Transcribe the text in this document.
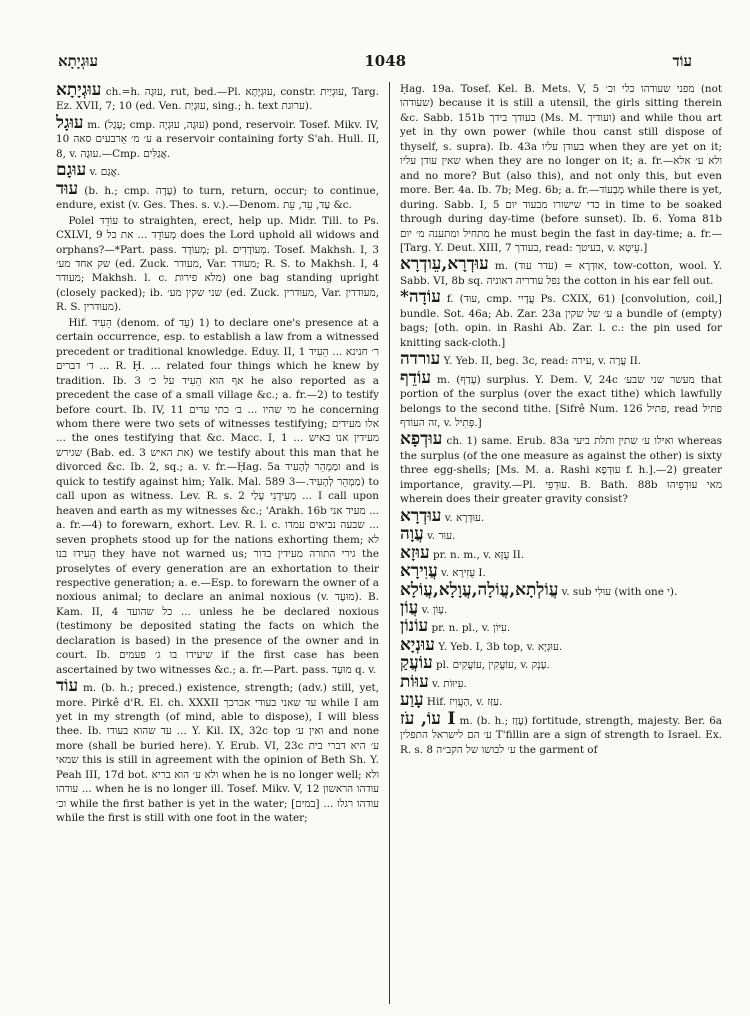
עוּגְיָתָא	1048	עוֹד

עוּגְיָתָא ch.=h. עוּגָה, rut, bed.—Pl. עוּגְיָתָא, constr. עוּגְיַית, Targ. Ez. XVII, 7; 10 (ed. Ven. עוּגְיַת, sing.; h. text ערוגת).

עוּגָל m. (עָגַל; cmp. עוּגָה, עוּגְיָה) pond, reservoir. Tosef. Mikv. IV, 10 ע׳ מ׳ אֵרבעים סאה a reservoir containing forty S'ah. Hull. II, 8, v. עוּגָה.—Cmp. אֲגַלִּים.

עוּגָם v. אֲגַם.

עוּד (b. h.; cmp. עָדָה) to turn, return, occur; to continue, endure, exist (v. Ges. Thes. s. v.).—Denom. עַד, עֵד, עֵת &c.

Polel עוֹדֵד to straighten, erect, help up. Midr. Till. to Ps. CXLVI, 9 מְעוֹדֵד ... את כל does the Lord uphold all widows and orphans?—*Part. pass. מְעוֹדָד; pl. מְעוֹדָדִים. Tosef. Makhsh. I, 3 שק אחד מע׳ (ed. Zuck. מעודר, Var. מעודד; R. S. to Makhsh. I, 4 מעודר; Makhsh. l. c. מלא פירות) one bag standing upright (closely packed); ib. שני שקין מע׳ (ed. Zuck. מעודרין, Var. מעודדין, R. S. מעודרין).

Hif. הֵעִיד (denom. of עֵד) 1) to declare one's presence at a certain occurrence, esp. to establish a law from a witnessed precedent or traditional knowledge. Eduy. II, 1 ר׳ חנינא ... הֵעִיד ... ד׳ דברים R. Ḥ. ... related four things which he knew by tradition. Ib. 3 אף הוא הֵעִיד על כ׳ he also reported as a precedent the case of a small village &c.; a. fr.—2) to testify before court. Ib. IV, 11 מי שהיו ... ב׳ כתי עדים he concerning whom there were two sets of witnesses testifying; אלו מעידים ... the ones testifying that &c. Macc. I, 1 מעידין אנו באיש ... שגירש (Bab. ed. 3 את האיש) we testify about this man that he divorced &c. Ib. 2, sq.; a. v. fr.—Ḥag. 5a ומַמְהֵר לְהָעִיד and is quick to testify against him; Yalk. Mal. 589 מַמְהֵר לְהָעִיד.—3) to call upon as witness. Lev. R. s. 2 מְעִידָנִי עָלַי ... I call upon heaven and earth as my witnesses &c.; 'Arakh. 16b מעיד אני ... a. fr.—4) to forewarn, exhort. Lev. R. l. c. שבעה נביאים עמדו ... seven prophets stood up for the nations exhorting them; לא הֵעִידוּ בנו they have not warned us; גירי התורה מעידין בדור the proselytes of every generation are an exhortation to their respective generation; a. e.—Esp. to forewarn the owner of a noxious animal; to declare an animal noxious (v. מוּעָד). B. Kam. II, 4 כל שהועד ... unless he be declared noxious (testimony be deposited stating the facts on which the declaration is based) in the presence of the owner and in court. Ib. שיעידו בו ג׳ פעמים if the first case has been ascertained by two witnesses &c.; a. fr.—Part. pass. מוּעָד q. v.

עוֹד m. (b. h.; preced.) existence, strength; (adv.) still, yet, more. Pirkê d'R. El. ch. XXXII עד שאני בעודי אברכך while I am yet in my strength (of mind, able to dispose), I will bless thee. Ib. עד שהוא בעודו ... Y. Kil. IX, 32c top ואין ע׳ and none more (shall be buried here). Y. Erub. VI, 23c ע׳ היא דברי בית שמאי this is still in agreement with the opinion of Beth Sh. Y. Peah III, 17d bot. ולא ע׳ הוא בריא when he is no longer well; ולא עודהו ... when he is no longer ill. Tosef. Mikv. V, 12 עודהו הראשון וכ׳ while the first bather is yet in the water; עודהו רגלו ... [במים] while the first is still with one foot in the water;

Ḥag. 19a. Tosef. Kel. B. Mets. V, 5 מפני שעודהו כלי וכ׳ (not שעודהו) because it is still a utensil, the girls sitting therein &c. Sabb. 151b בעודך בידך (Ms. M. ועודיך) and while thou art yet in thy own power (while thou canst still dispose of thyself, s. supra). Ib. 43a בעודן עליו when they are yet on it; שאין עודן עליו when they are no longer on it; a. fr.—ולא ע׳ אלא and no more? But (also this), and not only this, but even more. Ber. 4a. Ib. 7b; Meg. 6b; a. fr.—מְבְעוֹד while there is yet, during. Sabb. I, 5 כדי שישורו מבעוד יום in time to be soaked through during day-time (before sunset). Ib. 6. Yoma 81b מתחיל ומתענה מ׳ יום he must begin the fast in day-time; a. fr.—[Targ. Y. Deut. XIII, 7 בעודך, read: בעיטך, v. עֵיטָא.]

עוּדְרָא,עֵודְרָא m. (עדר עוד) = אוּדְרָא, tow-cotton, wool. Y. Sabb. VI, 8b sq. נפל עודריה דאוניה the cotton in his ear fell out.

*עוֹדָה f. (עוּד, cmp. עֲדָיִי Ps. CXIX, 61) [convolution, coil,] bundle. Sot. 46a; Ab. Zar. 23a ע׳ של שקין a bundle of (empty) bags; [oth. opin. in Rashi Ab. Zar. l. c.: the pin used for knitting sack-cloth.]

עורדה Y. Yeb. II, beg. 3c, read: עירה, v. עֲרָה II.

עוֹדֵף m. (עָדַף) surplus. Y. Dem. V, 24c מעשר שני שבע׳ that portion of the surplus (over the exact tithe) which lawfully belongs to the second tithe. [Sifrê Num. 126 פתיל, read פתיל זה העוֹדף, v. פְּתִיל.]

עוּדְפָא ch. 1) same. Erub. 83a ואילו ע׳ שתין ותלת ביעי whereas the surplus (of the one measure as against the other) is sixty three egg-shells; [Ms. M. a. Rashi עוּדְפָא f. h.].—2) greater importance, gravity.—Pl. עוּדְפֵי. B. Bath. 88b מאי עוּדְפֵיהוּ wherein does their greater gravity consist?

עוּדְרָא v. עוּדְרָא.

עֲוָה v. עוּר.

עוּזָא pr. n. m., v. עֻזָּא II.

עֲוִירָא v. עֻזִירָא I.

עֲוֹלְתָא,עֲוֹלָה,עֲוָלָא,עֲוֹלָא v. sub עוּלִי (with one י).

עֲוֹן v. עָוֹן.

עוֹנוֹן pr. n. pl., v. עִיּוֹן.

עוּנְיָא Y. Yeb. I, 3b top, v. עוּגְיָא.

עוֹעֲקַ pl. עוֹעֲקִין ,עוֹעֲקִים, v. עֶנֶק.

עוּוֹת v. עִיוּוֹת.

עָוַע Hif. הַעֲוִיז, v. עַזַּז.

עוֹ, עֹז I m. (b. h.; עָזַז) fortitude, strength, majesty. Ber. 6a ע׳ הם לישראל התפלין T'fillin are a sign of strength to Israel. Ex. R. s. 8 ע׳ לבושו של הקב״ה the garment of
